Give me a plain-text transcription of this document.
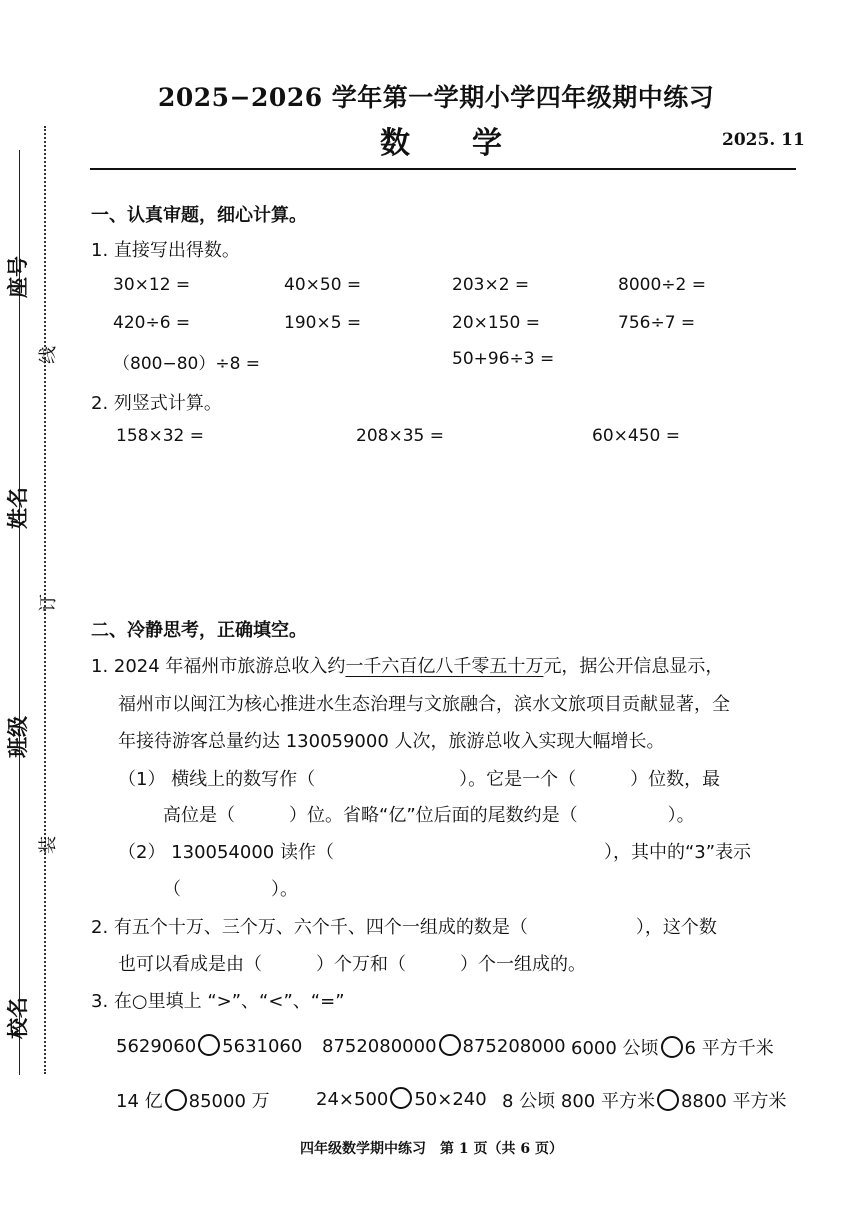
座号
姓名
班级
校名
线
订
装
2025−2026 学年第一学期小学四年级期中练习
数 学	2025. 11
一、认真审题，细心计算。
1. 直接写出得数。
30×12 =	40×50 =	203×2 =	8000÷2 =
420÷6 =	190×5 =	20×150 =	756÷7 =
（800−80）÷8 =	50+96÷3 =
2. 列竖式计算。
158×32 =	208×35 =	60×450 =
二、冷静思考，正确填空。
1. 2024 年福州市旅游总收入约一千六百亿八千零五十万元，据公开信息显示，
福州市以闽江为核心推进水生态治理与文旅融合，滨水文旅项目贡献显著，全
年接待游客总量约达 130059000 人次，旅游总收入实现大幅增长。
（1） 横线上的数写作（　　　　　　　　）。它是一个（　　　）位数，最
高位是（　　　）位。省略“亿”位后面的尾数约是（　　　　　）。
（2） 130054000 读作（　　　　　　　　　　　　　　　），其中的“3”表示
（　　　　　）。
2. 有五个十万、三个万、六个千、四个一组成的数是（　　　　　　），这个数
也可以看成是由（　　　）个万和（　　　）个一组成的。
3. 在○里填上 “>”、“<”、“=”
5629060 5631060 8752080000 875208000 6000 公顷 6 平方千米
14 亿 85000 万	24×500 50×240 8 公顷 800 平方米 8800 平方米
四年级数学期中练习　第 1 页（共 6 页）
